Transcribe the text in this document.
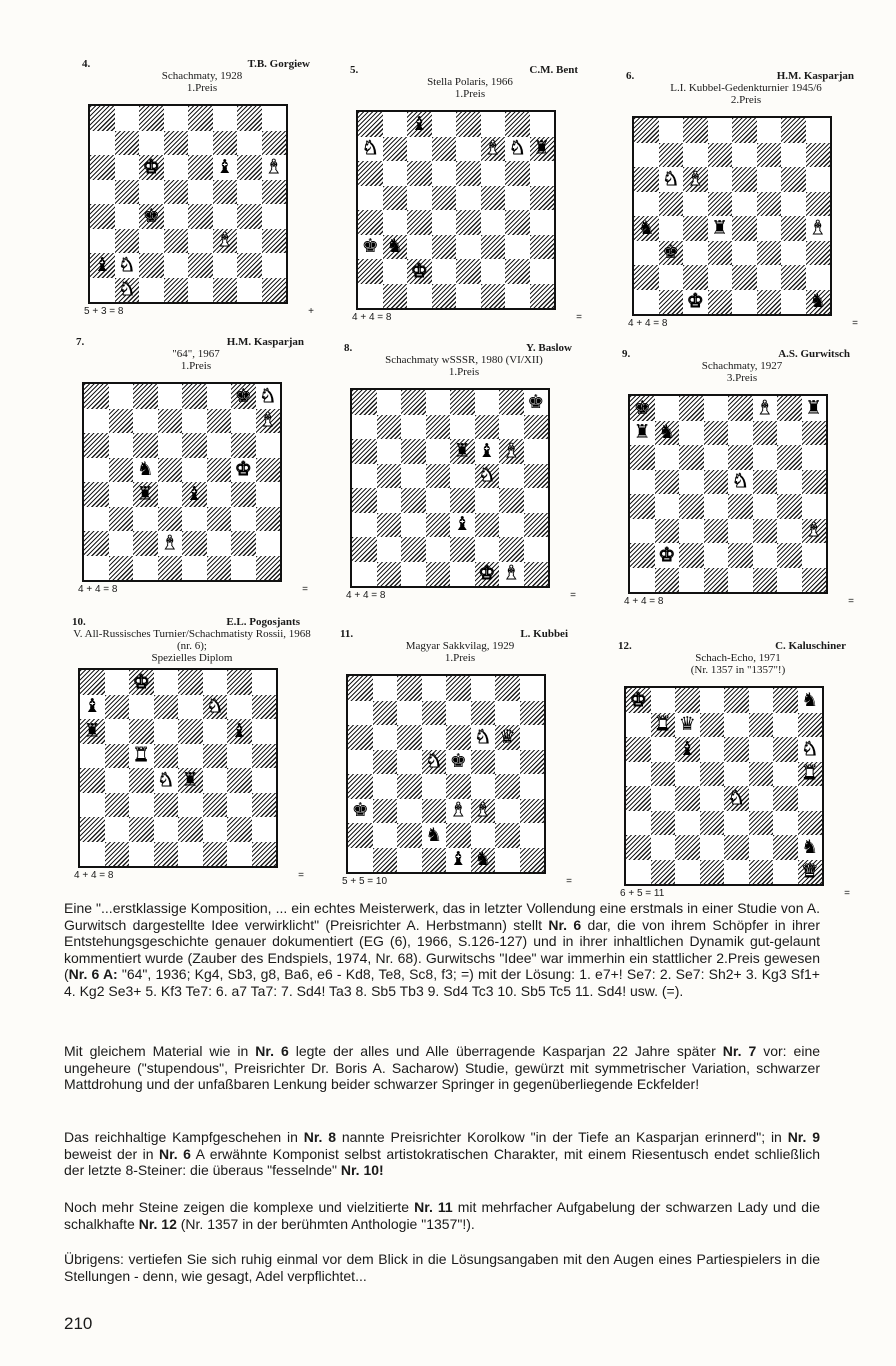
4.	T.B. Gorgiew
Schachmaty, 1928
1.Preis
♚	♝ ♝
♚
♝
♝ ♞
♞
5 + 3 = 8	+
5.	C.M. Bent
Stella Polaris, 1966
1.Preis
♝
♞	♝ ♞ ♜
♚ ♞
♚
4 + 4 = 8	=
6.	H.M. Kasparjan
L.I. Kubbel-Gedenkturnier 1945/6
2.Preis
♞ ♝
♞	♜	♝
♚
♚	♞
4 + 4 = 8	=
7.	H.M. Kasparjan
"64", 1967
1.Preis
♚ ♞
♝
♞	♚
♜ ♝
♝
4 + 4 = 8	=
8.	Y. Baslow
Schachmaty wSSSR, 1980 (VI/XII)
1.Preis
♚
♜ ♝ ♝
♞
♝
♚ ♝
4 + 4 = 8	=
9.	A.S. Gurwitsch
Schachmaty, 1927
3.Preis
♚	♝ ♜
♜ ♞
♞
♝
♚
4 + 4 = 8	=
10.	E.L. Pogosjants
V. All-Russisches Turnier/Schachmatisty Rossii, 1968 (nr. 6);
Spezielles Diplom
♚
♝	♞
♜	♝
♜
♞ ♜
4 + 4 = 8	=
11.	L. Kubbei
Magyar Sakkvilag, 1929
1.Preis
♞ ♛
♞ ♚
♚	♝ ♝
♞
♝ ♞
5 + 5 = 10	=
12.	C. Kaluschiner
Schach-Echo, 1971
(Nr. 1357 in "1357"!)
♚	♞
♜ ♛
♝	♞
♜
♞
♞
♛
6 + 5 = 11	=
Eine "...erstklassige Komposition, ... ein echtes Meisterwerk, das in letzter Vollendung eine erstmals in einer Studie von A. Gurwitsch dargestellte Idee verwirklicht" (Preisrichter A. Herbstmann) stellt Nr. 6 dar, die von ihrem Schöpfer in ihrer Entstehungsgeschichte genauer dokumentiert (EG (6), 1966, S.126-127) und in ihrer inhaltlichen Dynamik gut-gelaunt kommentiert wurde (Zauber des Endspiels, 1974, Nr. 68). Gurwitschs "Idee" war immerhin ein stattlicher 2.Preis gewesen (Nr. 6 A: "64", 1936; Kg4, Sb3, g8, Ba6, e6 - Kd8, Te8, Sc8, f3; =) mit der Lösung: 1. e7+! Se7: 2. Se7: Sh2+ 3. Kg3 Sf1+ 4. Kg2 Se3+ 5. Kf3 Te7: 6. a7 Ta7: 7. Sd4! Ta3 8. Sb5 Tb3 9. Sd4 Tc3 10. Sb5 Tc5 11. Sd4! usw. (=).
Mit gleichem Material wie in Nr. 6 legte der alles und Alle überragende Kasparjan 22 Jahre später Nr. 7 vor: eine ungeheure ("stupendous", Preisrichter Dr. Boris A. Sacharow) Studie, gewürzt mit symmetrischer Variation, schwarzer Mattdrohung und der unfaßbaren Lenkung beider schwarzer Springer in gegenüberliegende Eckfelder!
Das reichhaltige Kampfgeschehen in Nr. 8 nannte Preisrichter Korolkow "in der Tiefe an Kasparjan erinnerd"; in Nr. 9 beweist der in Nr. 6 A erwähnte Komponist selbst artistokratischen Charakter, mit einem Riesentusch endet schließlich der letzte 8-Steiner: die überaus "fesselnde" Nr. 10!
Noch mehr Steine zeigen die komplexe und vielzitierte Nr. 11 mit mehrfacher Aufgabelung der schwarzen Lady und die schalkhafte Nr. 12 (Nr. 1357 in der berühmten Anthologie "1357"!).
Übrigens: vertiefen Sie sich ruhig einmal vor dem Blick in die Lösungsangaben mit den Augen eines Partiespielers in die Stellungen - denn, wie gesagt, Adel verpflichtet...
210
